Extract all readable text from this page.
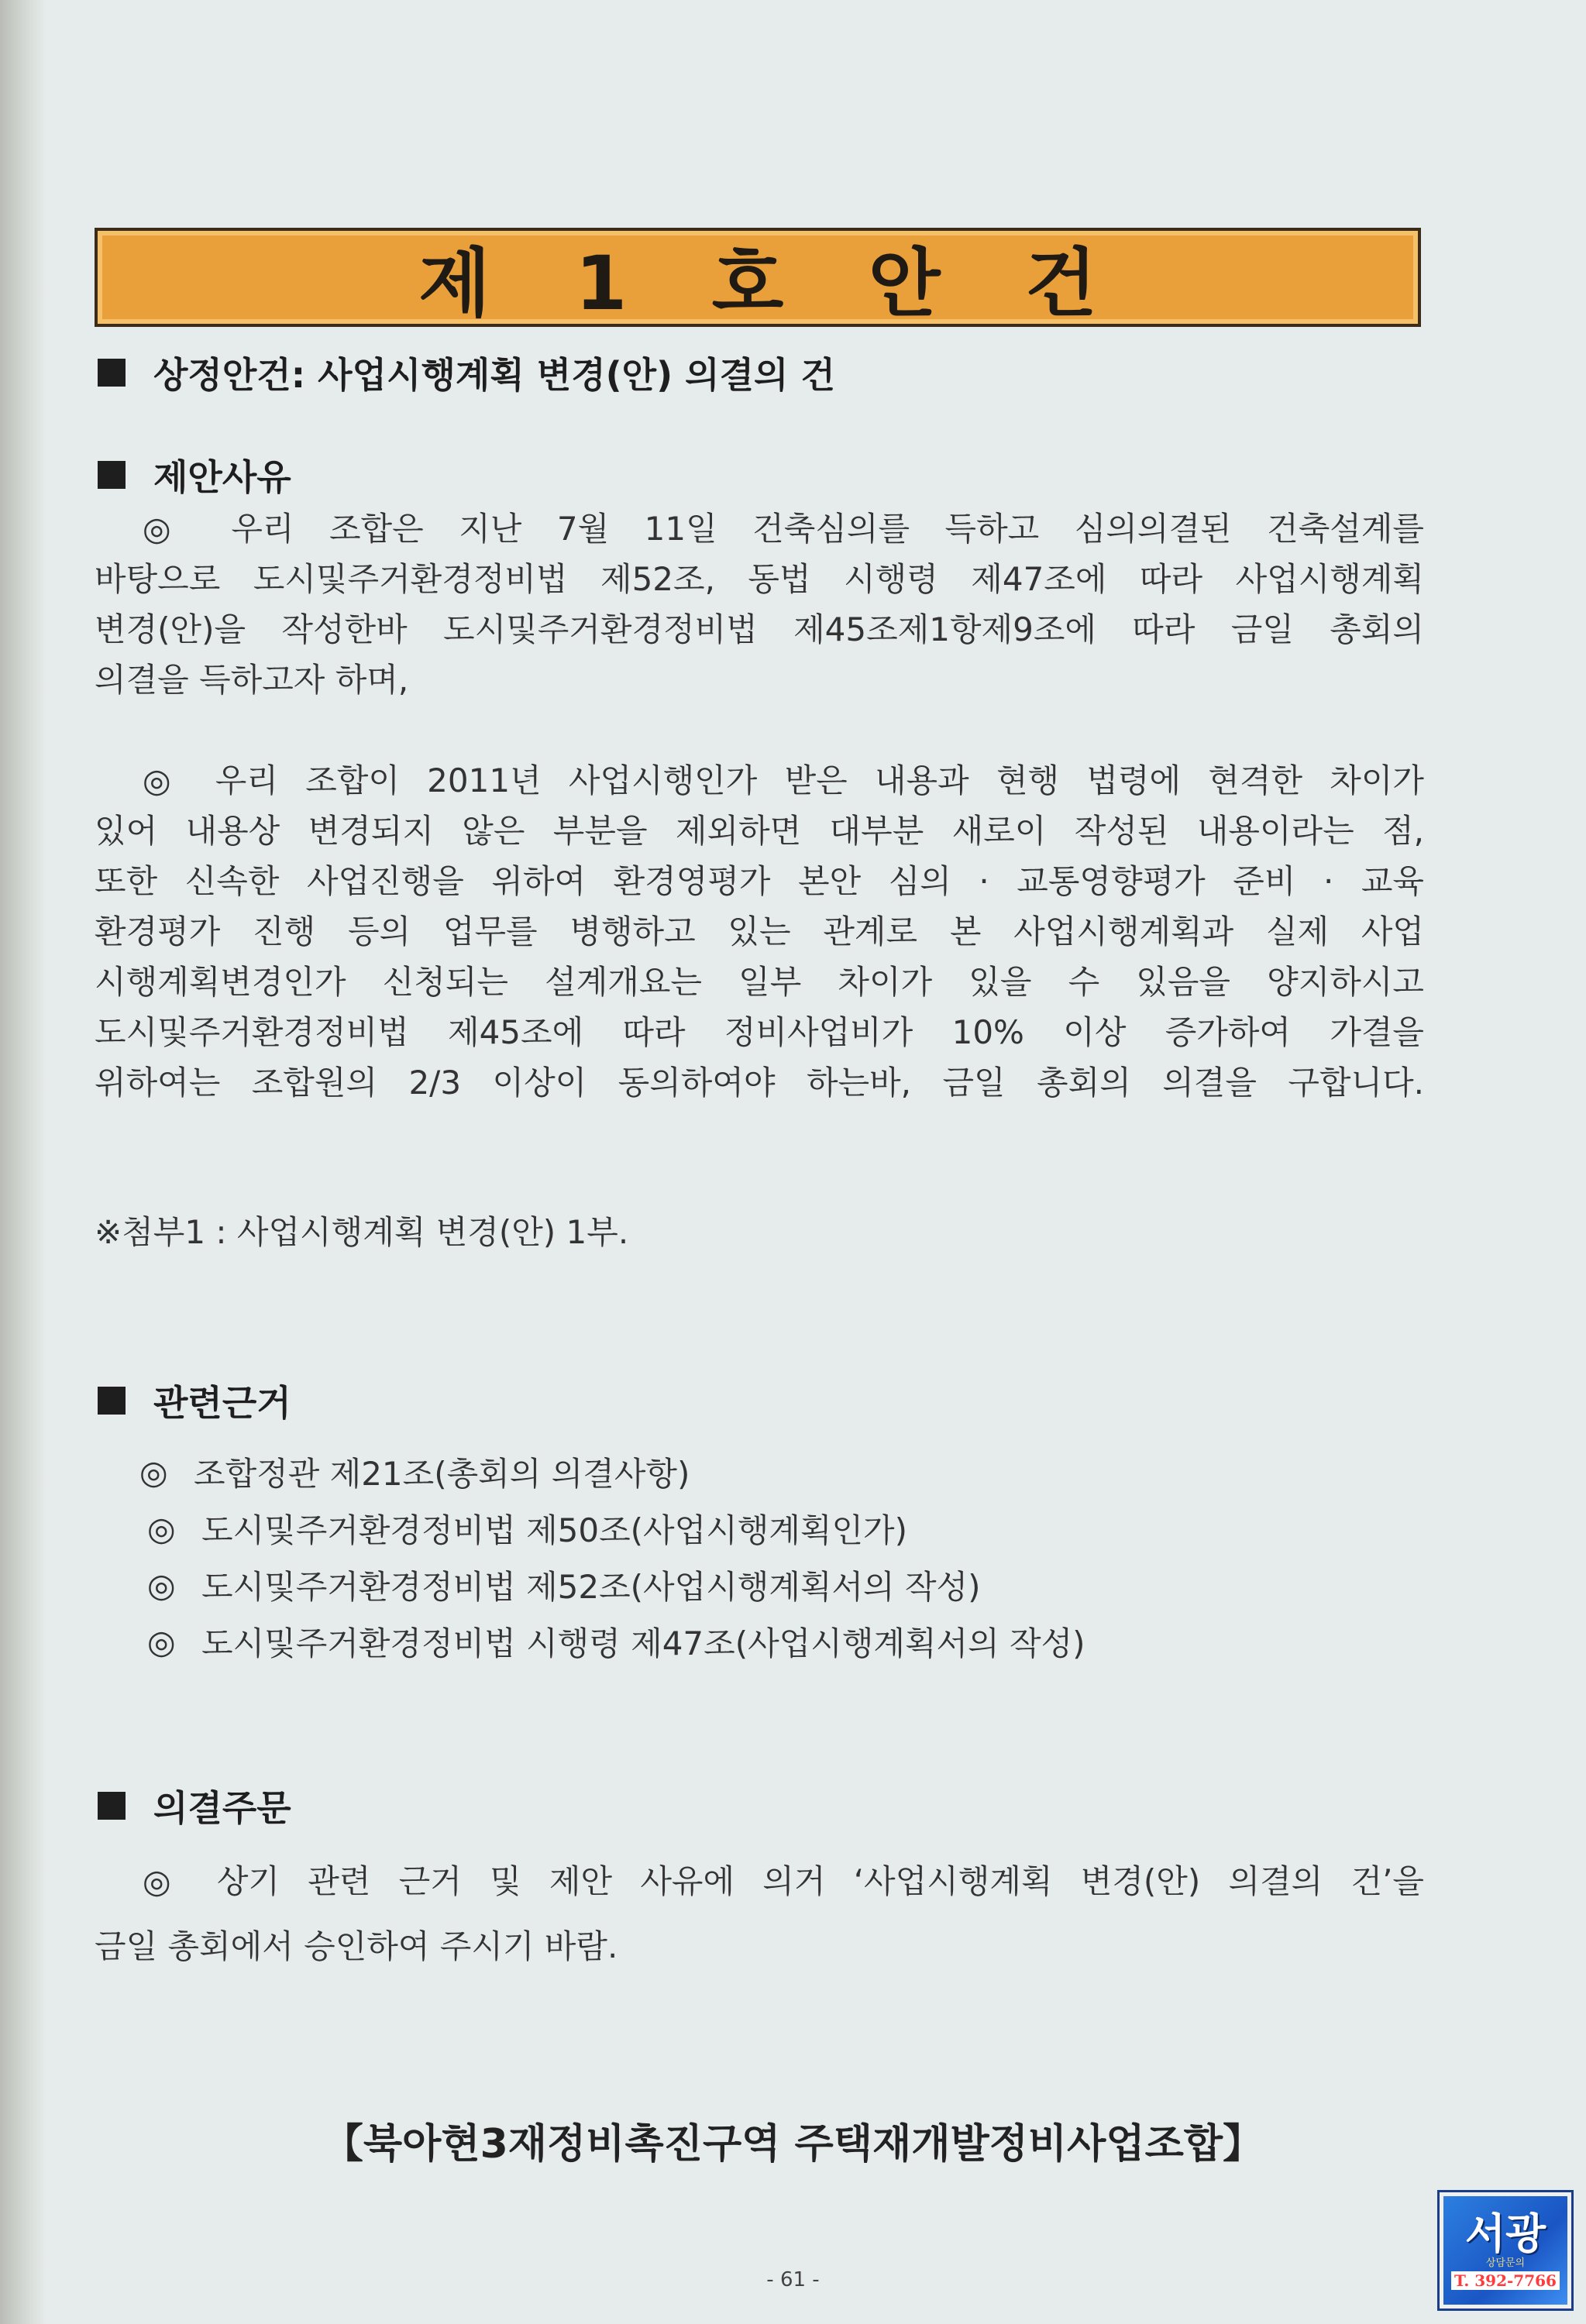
제 1 호 안 건
상정안건: 사업시행계획 변경(안) 의결의 건
제안사유
◎ 우리 조합은 지난 7월 11일 건축심의를 득하고 심의의결된 건축설계를
바탕으로 도시및주거환경정비법 제52조, 동법 시행령 제47조에 따라 사업시행계획
변경(안)을 작성한바 도시및주거환경정비법 제45조제1항제9조에 따라 금일 총회의
의결을 득하고자 하며,
◎ 우리 조합이 2011년 사업시행인가 받은 내용과 현행 법령에 현격한 차이가
있어 내용상 변경되지 않은 부분을 제외하면 대부분 새로이 작성된 내용이라는 점,
또한 신속한 사업진행을 위하여 환경영평가 본안 심의 · 교통영향평가 준비 · 교육
환경평가 진행 등의 업무를 병행하고 있는 관계로 본 사업시행계획과 실제 사업
시행계획변경인가 신청되는 설계개요는 일부 차이가 있을 수 있음을 양지하시고
도시및주거환경정비법 제45조에 따라 정비사업비가 10% 이상 증가하여 가결을
위하여는 조합원의 2/3 이상이 동의하여야 하는바, 금일 총회의 의결을 구합니다.
※첨부1 : 사업시행계획 변경(안) 1부.
관련근거
◎ 조합정관 제21조(총회의 의결사항)
◎ 도시및주거환경정비법 제50조(사업시행계획인가)
◎ 도시및주거환경정비법 제52조(사업시행계획서의 작성)
◎ 도시및주거환경정비법 시행령 제47조(사업시행계획서의 작성)
의결주문
◎ 상기 관련 근거 및 제안 사유에 의거 ‘사업시행계획 변경(안) 의결의 건’을
금일 총회에서 승인하여 주시기 바람.
【북아현3재정비촉진구역 주택재개발정비사업조합】
- 61 -
서광
상담문의
T. 392-7766
